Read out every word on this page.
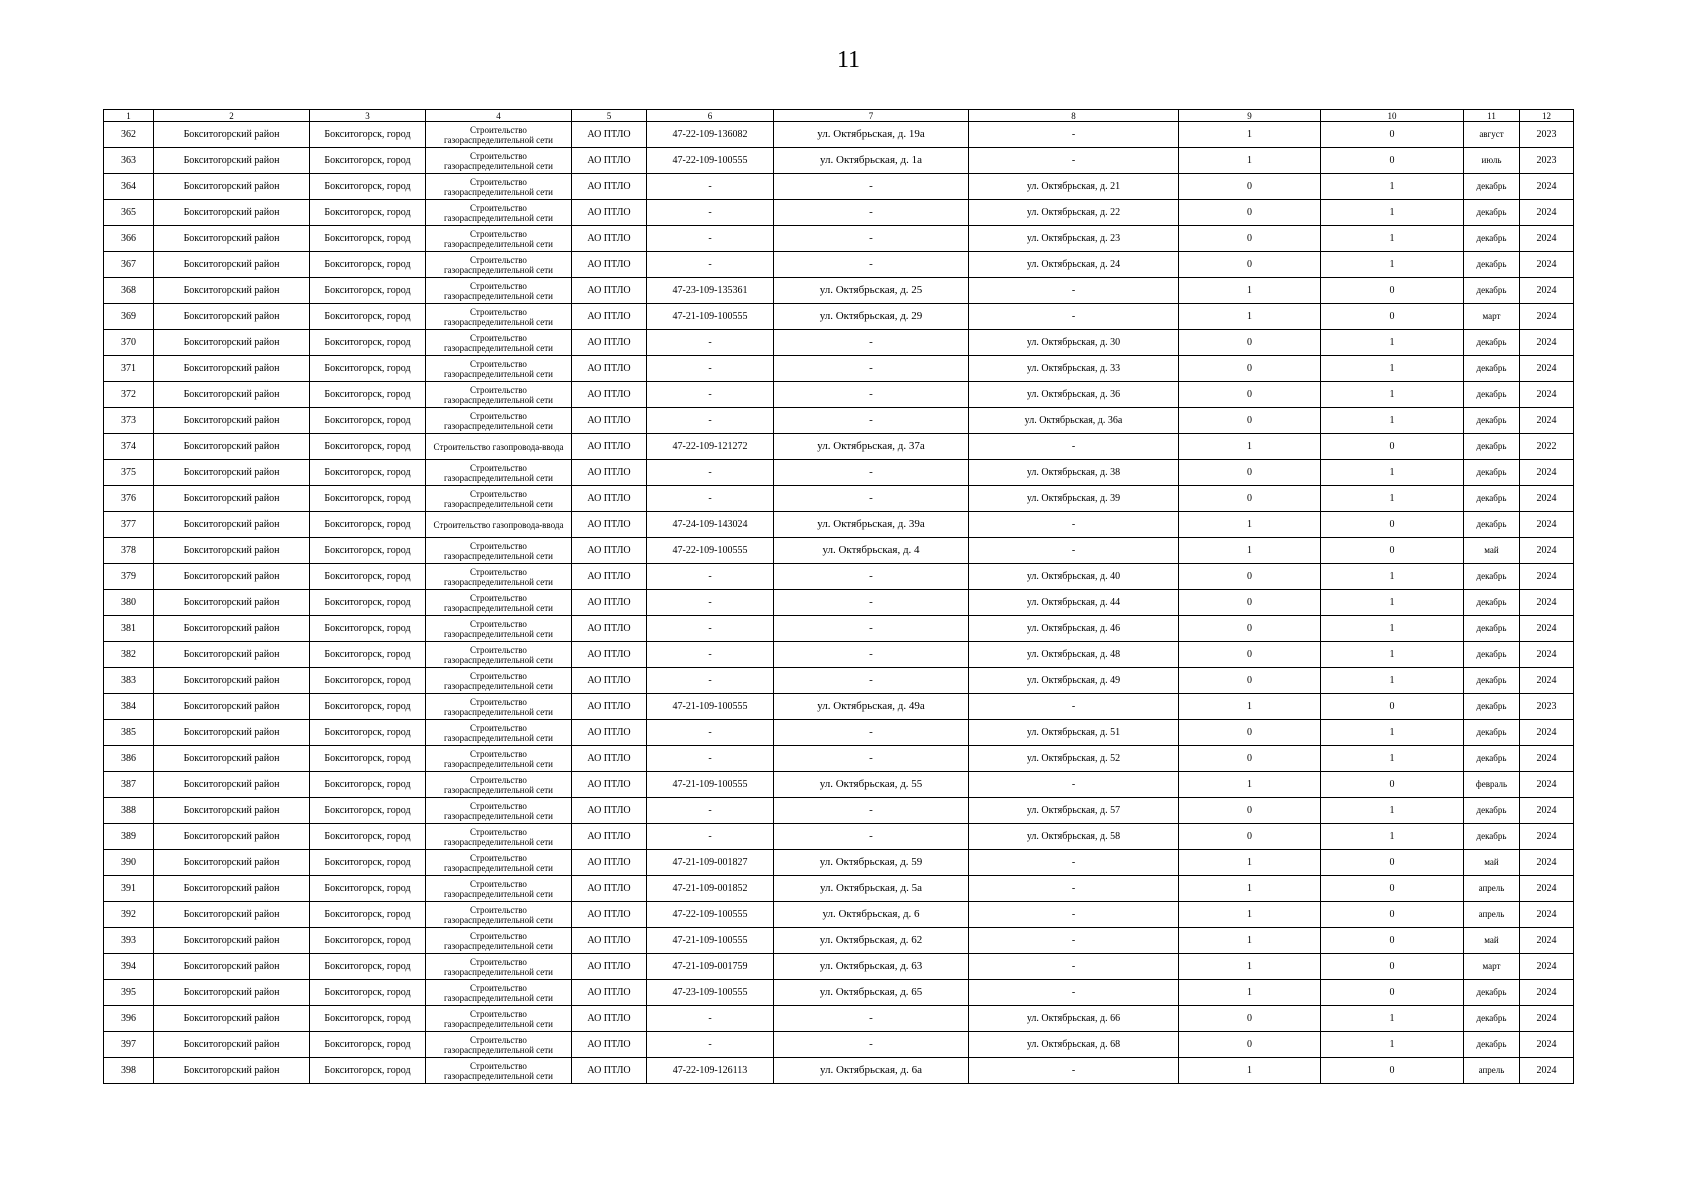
11
1	2	3	4	5	6	7	8	9	10	11	12
362	Бокситогорский район	Бокситогорск, город	Строительство газораспределительной сети	АО ПТЛО	47-22-109-136082	ул. Октябрьская, д. 19а	-	1	0	август	2023
363	Бокситогорский район	Бокситогорск, город	Строительство газораспределительной сети	АО ПТЛО	47-22-109-100555	ул. Октябрьская, д. 1а	-	1	0	июль	2023
364	Бокситогорский район	Бокситогорск, город	Строительство газораспределительной сети	АО ПТЛО	-	-	ул. Октябрьская, д. 21	0	1	декабрь	2024
365	Бокситогорский район	Бокситогорск, город	Строительство газораспределительной сети	АО ПТЛО	-	-	ул. Октябрьская, д. 22	0	1	декабрь	2024
366	Бокситогорский район	Бокситогорск, город	Строительство газораспределительной сети	АО ПТЛО	-	-	ул. Октябрьская, д. 23	0	1	декабрь	2024
367	Бокситогорский район	Бокситогорск, город	Строительство газораспределительной сети	АО ПТЛО	-	-	ул. Октябрьская, д. 24	0	1	декабрь	2024
368	Бокситогорский район	Бокситогорск, город	Строительство газораспределительной сети	АО ПТЛО	47-23-109-135361	ул. Октябрьская, д. 25	-	1	0	декабрь	2024
369	Бокситогорский район	Бокситогорск, город	Строительство газораспределительной сети	АО ПТЛО	47-21-109-100555	ул. Октябрьская, д. 29	-	1	0	март	2024
370	Бокситогорский район	Бокситогорск, город	Строительство газораспределительной сети	АО ПТЛО	-	-	ул. Октябрьская, д. 30	0	1	декабрь	2024
371	Бокситогорский район	Бокситогорск, город	Строительство газораспределительной сети	АО ПТЛО	-	-	ул. Октябрьская, д. 33	0	1	декабрь	2024
372	Бокситогорский район	Бокситогорск, город	Строительство газораспределительной сети	АО ПТЛО	-	-	ул. Октябрьская, д. 36	0	1	декабрь	2024
373	Бокситогорский район	Бокситогорск, город	Строительство газораспределительной сети	АО ПТЛО	-	-	ул. Октябрьская, д. 36а	0	1	декабрь	2024
374	Бокситогорский район	Бокситогорск, город	Строительство газопровода-ввода	АО ПТЛО	47-22-109-121272	ул. Октябрьская, д. 37а	-	1	0	декабрь	2022
375	Бокситогорский район	Бокситогорск, город	Строительство газораспределительной сети	АО ПТЛО	-	-	ул. Октябрьская, д. 38	0	1	декабрь	2024
376	Бокситогорский район	Бокситогорск, город	Строительство газораспределительной сети	АО ПТЛО	-	-	ул. Октябрьская, д. 39	0	1	декабрь	2024
377	Бокситогорский район	Бокситогорск, город	Строительство газопровода-ввода	АО ПТЛО	47-24-109-143024	ул. Октябрьская, д. 39а	-	1	0	декабрь	2024
378	Бокситогорский район	Бокситогорск, город	Строительство газораспределительной сети	АО ПТЛО	47-22-109-100555	ул. Октябрьская, д. 4	-	1	0	май	2024
379	Бокситогорский район	Бокситогорск, город	Строительство газораспределительной сети	АО ПТЛО	-	-	ул. Октябрьская, д. 40	0	1	декабрь	2024
380	Бокситогорский район	Бокситогорск, город	Строительство газораспределительной сети	АО ПТЛО	-	-	ул. Октябрьская, д. 44	0	1	декабрь	2024
381	Бокситогорский район	Бокситогорск, город	Строительство газораспределительной сети	АО ПТЛО	-	-	ул. Октябрьская, д. 46	0	1	декабрь	2024
382	Бокситогорский район	Бокситогорск, город	Строительство газораспределительной сети	АО ПТЛО	-	-	ул. Октябрьская, д. 48	0	1	декабрь	2024
383	Бокситогорский район	Бокситогорск, город	Строительство газораспределительной сети	АО ПТЛО	-	-	ул. Октябрьская, д. 49	0	1	декабрь	2024
384	Бокситогорский район	Бокситогорск, город	Строительство газораспределительной сети	АО ПТЛО	47-21-109-100555	ул. Октябрьская, д. 49а	-	1	0	декабрь	2023
385	Бокситогорский район	Бокситогорск, город	Строительство газораспределительной сети	АО ПТЛО	-	-	ул. Октябрьская, д. 51	0	1	декабрь	2024
386	Бокситогорский район	Бокситогорск, город	Строительство газораспределительной сети	АО ПТЛО	-	-	ул. Октябрьская, д. 52	0	1	декабрь	2024
387	Бокситогорский район	Бокситогорск, город	Строительство газораспределительной сети	АО ПТЛО	47-21-109-100555	ул. Октябрьская, д. 55	-	1	0	февраль	2024
388	Бокситогорский район	Бокситогорск, город	Строительство газораспределительной сети	АО ПТЛО	-	-	ул. Октябрьская, д. 57	0	1	декабрь	2024
389	Бокситогорский район	Бокситогорск, город	Строительство газораспределительной сети	АО ПТЛО	-	-	ул. Октябрьская, д. 58	0	1	декабрь	2024
390	Бокситогорский район	Бокситогорск, город	Строительство газораспределительной сети	АО ПТЛО	47-21-109-001827	ул. Октябрьская, д. 59	-	1	0	май	2024
391	Бокситогорский район	Бокситогорск, город	Строительство газораспределительной сети	АО ПТЛО	47-21-109-001852	ул. Октябрьская, д. 5а	-	1	0	апрель	2024
392	Бокситогорский район	Бокситогорск, город	Строительство газораспределительной сети	АО ПТЛО	47-22-109-100555	ул. Октябрьская, д. 6	-	1	0	апрель	2024
393	Бокситогорский район	Бокситогорск, город	Строительство газораспределительной сети	АО ПТЛО	47-21-109-100555	ул. Октябрьская, д. 62	-	1	0	май	2024
394	Бокситогорский район	Бокситогорск, город	Строительство газораспределительной сети	АО ПТЛО	47-21-109-001759	ул. Октябрьская, д. 63	-	1	0	март	2024
395	Бокситогорский район	Бокситогорск, город	Строительство газораспределительной сети	АО ПТЛО	47-23-109-100555	ул. Октябрьская, д. 65	-	1	0	декабрь	2024
396	Бокситогорский район	Бокситогорск, город	Строительство газораспределительной сети	АО ПТЛО	-	-	ул. Октябрьская, д. 66	0	1	декабрь	2024
397	Бокситогорский район	Бокситогорск, город	Строительство газораспределительной сети	АО ПТЛО	-	-	ул. Октябрьская, д. 68	0	1	декабрь	2024
398	Бокситогорский район	Бокситогорск, город	Строительство газораспределительной сети	АО ПТЛО	47-22-109-126113	ул. Октябрьская, д. 6а	-	1	0	апрель	2024
